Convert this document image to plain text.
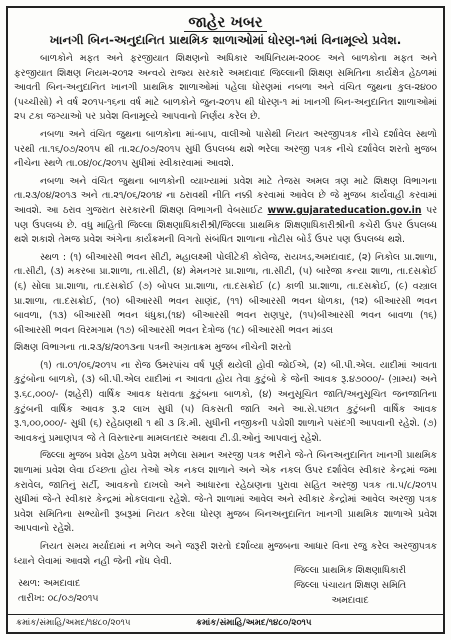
જાહેર ખબર
ખાનગી બિન-અનુદાનિત પ્રાથમિક શાળાઓમાં ધોરણ-૧માં વિનામૂલ્યે પ્રવેશ.

બાળકોને મફત અને ફરજીયાત શિક્ષણનો અધિકાર અધિનિયમ-૨૦૦૯ અને બાળકોના મફત અને ફરજીયાત શિક્ષણ નિયમ-૨૦૧૨ અન્વયે રાજ્ય સરકારે અમદાવાદ જિલ્લાની શિક્ષણ સમિતિના કાર્યક્ષેત્ર હેઠળમાં આવતી બિન-અનુદાનિત ખાનગી પ્રાથમિક શાળાઓમાં પહેલા ધોરણમાં નબળા અને વંચિત જુથના કુલ-૨૪૦૦ (પચ્ચીસો) ને વર્ષ ૨૦૧૫-૧૬ના વર્ષ માટે બાળકોને જુન-૨૦૧૫ થી ધોરણ-૧ માં ખાનગી બિન-અનુદાનિત શાળાઓમાં ૨૫ ટકા જગ્યાઓ પર પ્રવેશ વિનામૂલ્યે આપવાનો નિર્ણય કરેલ છે.

નબળા અને વંચિત જુથના બાળકોના માં-બાપ, વાલીઓ પાસેથી નિયત અરજીપત્રક નીચે દર્શાવેલ સ્થળો પરથી તા.૧૬/૦૭/૨૦૧૫ થી તા.૨૮/૦૭/૨૦૧૫ સુધી ઉપલબ્ધ થશે ભરેલા અરજી પત્રક નીચે દર્શાવેલ શરતો મુજબ નીચેના સ્થળે તા.૦૪/૦૮/૨૦૧૫ સુધીમાં સ્વીકારવામાં આવશે.

નબળા અને વંચિત જુથના બાળકોની વ્યાખ્યામાં પ્રવેશ માટે તેજસ અમલ ત્રણ માટે શિક્ષણ વિભાગના તા.૨૩/૦૪/૨૦૧૩ અને તા.૨૧/૦૬/૨૦૧૪ ના ઠરાવથી નીતિ નક્કી કરવામાં આવેલ છે જે મુજબ કાર્યવાહી કરવામાં આવશે. આ ઠરાવ ગુજરાત સરકારની શિક્ષણ વિભાગની વેબસાઈટ www.gujarateducation.gov.in પર પણ ઉપલબ્ધ છે. વધુ માહિતી જિલ્લા શિક્ષણાધિકારીશ્રી/જિલ્લા પ્રાથમિક શિક્ષણાધિકારીશ્રીની કચેરી ઉપર ઉપલબ્ધ થશે શકાશે તેમજ પ્રવેશ અંગેના કાર્યક્રમની વિગતો સંબંધિત શાળાના નોટીસ બોર્ડ ઉપર પણ ઉપલબ્ધ થશે.

સ્થળ : (૧) બીઆરસી ભવન સીટી, મહાલક્ષ્મી પોલીટેકી કોલેજ, રાયખડ,અમદાવાદ, (૨) નિકોલ પ્રા.શાળા, તા.સીટી, (૩) મકરબા પ્રા.શાળા, તા.સીટી, (૪) મેમનગર પ્રા.શાળા, તા.સીટી, (૫) બારેજા કન્યા શાળા, તા.દસક્રોઈ (૬) સોલા પ્રા.શાળા, તા.દસક્રોઈ (૭) બોપલ પ્રા.શાળા, તા.દસક્રોઈ (૮) કાળી પ્રા.શાળા, તા.દસક્રોઈ, (૯) વસ્ત્રાલ પ્રા.શાળા, તા.દસક્રોઈ, (૧૦) બીઆરસી ભવન સાણંદ, (૧૧) બીઆરસી ભવન ધોળકા, (૧૨) બીઆરસી ભવન બાવળા, (૧૩) બીઆરસી ભવન ધંધુકા,(૧૪) બીઆરસી ભવન રાણપુર, (૧૫)બીઆરસી ભવન બાવળા (૧૬) બીઆરસી ભવન વિરમગામ (૧૭) બીઆરસી ભવન દેત્રોજ (૧૮) બીઆરસી ભવન માંડલ

શિક્ષણ વિભાગના તા.૨૩/૪/૨૦૧૩ના પત્રની અગ્રતાક્રમ મુજબ નીચેની શરતો

(૧) તા.૦૧/૦૬/૨૦૧૫ ના રોજ ઉમરપાંચ વર્ષ પૂર્ણ થયેલી હોવી જોઈએ, (૨) બી.પી.એલ. યાદીમાં આવતા કુટુંબોના બાળકો, (૩) બી.પી.એલ યાદીમાં ન આવતા હોય તેવા કુટુંબો કે જેની આવક રૂ.૪૭૦૦૦/- (ગ્રામ્ય) અને રૂ.૬૮,૦૦૦/- (શહેરી) વાર્ષિક આવક ધરાવતા કુટુંબના બાળકો, (૪) અનુસૂચિત જાતિ/અનુસૂચિત જનજાતિના કુટુંબની વાર્ષિક આવક રૂ.૨ લાખ સુધી (૫) વિકસતી જાતિ અને આ.સે.પછાત કુટુંબની વાર્ષિક આવક રૂ.૧,૦૦,૦૦૦/- સુધી (૬) રહેઠાણથી ૧ થી ૩ કિ.મી. સુધીની નજીકની પડોશી શાળાને પસંદગી આપવાની રહેશે. (૭) આવકનું પ્રમાણપત્ર જે તે વિસ્તારના મામલતદાર અથવા ટી.ડી.ઓનું આપવાનું રહેશે.

જિલ્લા મુજબ પ્રવેશ હેઠળ પ્રવેશ મળેલા સમાન અરજી પત્રક ભરીને જે-તે બિનઅનુદાનિત ખાનગી પ્રાથમિક શાળામાં પ્રવેશ લેવા ઈચ્છતા હોય તેઓ એક નકલ શાળાને અને એક નકલ ઉપર દર્શાવેલ સ્વીકાર કેન્દ્રમાં જમા કરાવેલ, જાતિનું સર્ટી, આવકનો દાખલો અને આધારના રહેઠાણના પુરાવા સહિત અરજી પત્રક તા.૫/૮/૨૦૧૫ સુધીમાં જે-તે સ્વીકાર કેન્દ્રમાં મોકલવાના રહેશે. જે-તે શાળામાં આવેલ અને સ્વીકાર કેન્દ્રોમાં આવેલ અરજી પત્રક પ્રવેશ સમિતિના સભ્યોની રૂબરૂમાં નિયત કરેલા ધોરણ મુજબ બિનઅનુદાનિત ખાનગી પ્રાથમિક શાળાએ પ્રવેશ આપવાનો રહેશે.

નિયત સમય મર્યાદામાં ન મળેલ અને જરૂરી શરતો દર્શાવ્યા મુજબના આધાર વિના રજુ કરેલ અરજીપત્રક ધ્યાને લેવામાં આવશે નહી જેની નોંધ લેવી.

સ્થળ: અમદાવાદ
તારીખ: ૦૮/૦૭/૨૦૧૫
જિલ્લા પ્રાથમિક શિક્ષણાધિકારી
જિલ્લા પંચાયત શિક્ષણ સમિતિ
અમદાવાદ
ક્રમાંક/સંમાહિ/અમદ/૧૪૮૦/૨૦૧૫	ક્રમાંક/સંમાહિ/અમદ/૧૪૮૦/૨૦૧૫
